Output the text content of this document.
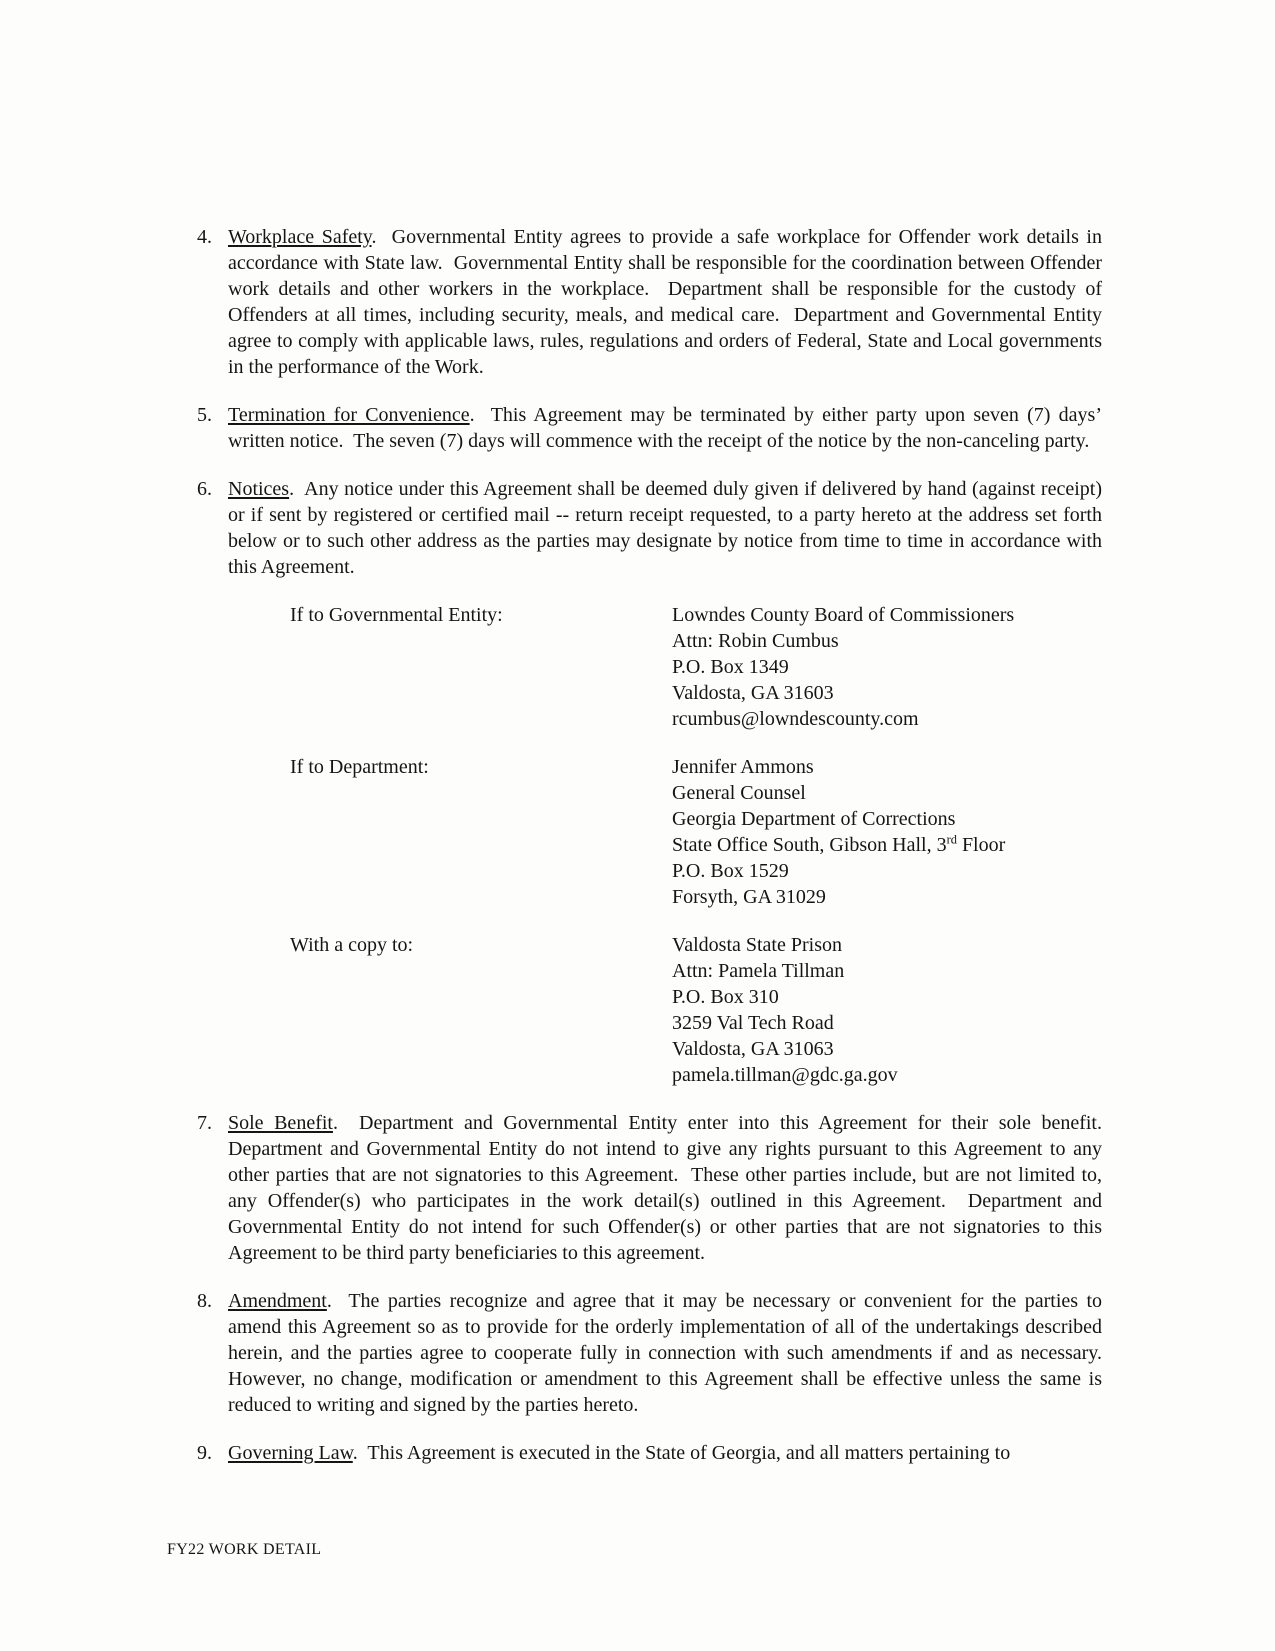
4. Workplace Safety.  Governmental Entity agrees to provide a safe workplace for Offender work details in accordance with State law.  Governmental Entity shall be responsible for the coordination between Offender work details and other workers in the workplace.  Department shall be responsible for the custody of Offenders at all times, including security, meals, and medical care.  Department and Governmental Entity agree to comply with applicable laws, rules, regulations and orders of Federal, State and Local governments in the performance of the Work.
5. Termination for Convenience.  This Agreement may be terminated by either party upon seven (7) days’ written notice.  The seven (7) days will commence with the receipt of the notice by the non-canceling party.
6. Notices.  Any notice under this Agreement shall be deemed duly given if delivered by hand (against receipt) or if sent by registered or certified mail -- return receipt requested, to a party hereto at the address set forth below or to such other address as the parties may designate by notice from time to time in accordance with this Agreement.
If to Governmental Entity:	Lowndes County Board of Commissioners
Attn: Robin Cumbus
P.O. Box 1349
Valdosta, GA 31603
rcumbus@lowndescounty.com
If to Department:	Jennifer Ammons
General Counsel
Georgia Department of Corrections
State Office South, Gibson Hall, 3rd Floor
P.O. Box 1529
Forsyth, GA 31029
With a copy to:	Valdosta State Prison
Attn: Pamela Tillman
P.O. Box 310
3259 Val Tech Road
Valdosta, GA 31063
pamela.tillman@gdc.ga.gov
7. Sole Benefit.  Department and Governmental Entity enter into this Agreement for their sole benefit.  Department and Governmental Entity do not intend to give any rights pursuant to this Agreement to any other parties that are not signatories to this Agreement.  These other parties include, but are not limited to, any Offender(s) who participates in the work detail(s) outlined in this Agreement.  Department and Governmental Entity do not intend for such Offender(s) or other parties that are not signatories to this Agreement to be third party beneficiaries to this agreement.
8. Amendment.  The parties recognize and agree that it may be necessary or convenient for the parties to amend this Agreement so as to provide for the orderly implementation of all of the undertakings described herein, and the parties agree to cooperate fully in connection with such amendments if and as necessary.  However, no change, modification or amendment to this Agreement shall be effective unless the same is reduced to writing and signed by the parties hereto.
9. Governing Law.  This Agreement is executed in the State of Georgia, and all matters pertaining to
FY22 WORK DETAIL
